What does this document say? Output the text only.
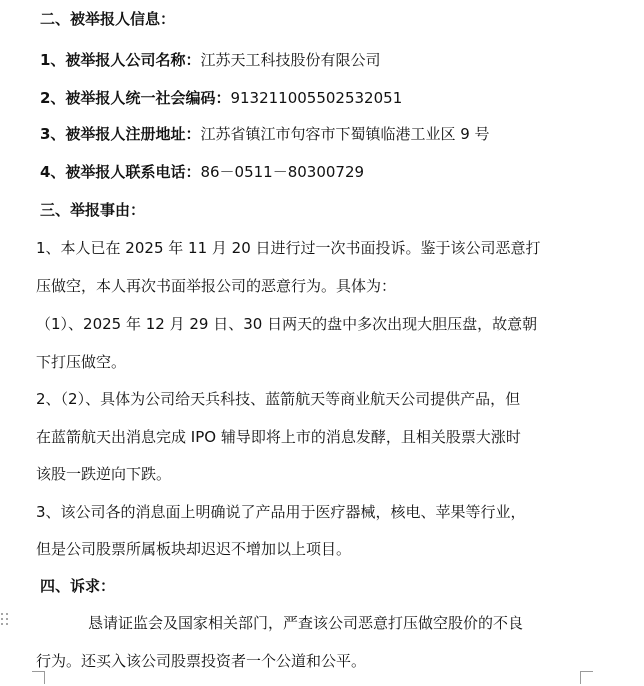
二、被举报人信息：
1、被举报人公司名称：江苏天工科技股份有限公司
2、被举报人统一社会编码：913211005502532051
3、被举报人注册地址：江苏省镇江市句容市下蜀镇临港工业区 9 号
4、被举报人联系电话：86－0511－80300729
三、举报事由：
1、本人已在 2025 年 11 月 20 日进行过一次书面投诉。鉴于该公司恶意打
压做空，本人再次书面举报公司的恶意行为。具体为：
（1）、2025 年 12 月 29 日、30 日两天的盘中多次出现大胆压盘，故意朝
下打压做空。
2、（2）、具体为公司给天兵科技、蓝箭航天等商业航天公司提供产品，但
在蓝箭航天出消息完成 IPO 辅导即将上市的消息发酵，且相关股票大涨时
该股一跌逆向下跌。
3、该公司各的消息面上明确说了产品用于医疗器械，核电、苹果等行业，
但是公司股票所属板块却迟迟不增加以上项目。
四、诉求：
恳请证监会及国家相关部门，严查该公司恶意打压做空股价的不良
行为。还买入该公司股票投资者一个公道和公平。
